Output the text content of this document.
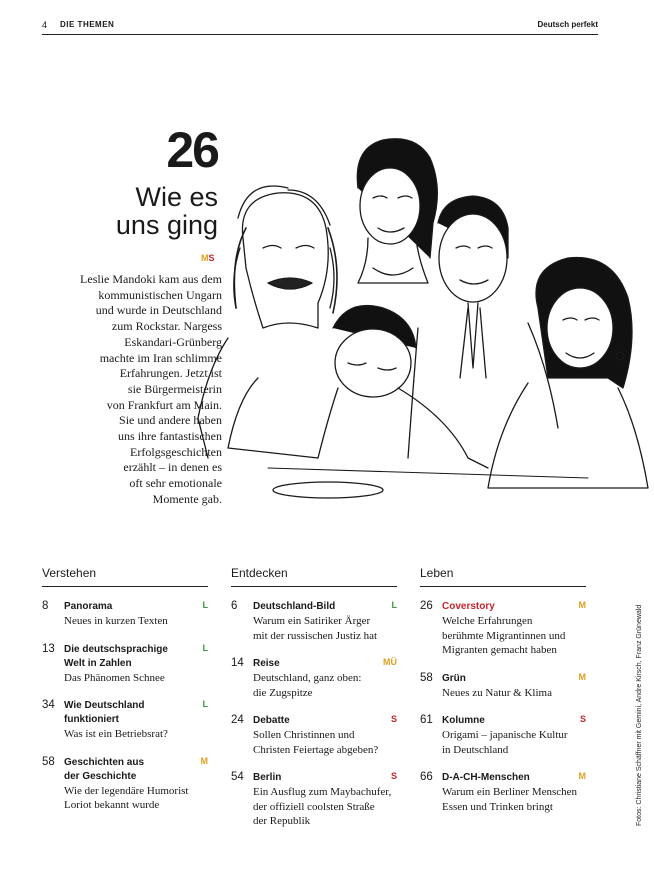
4 DIE THEMEN	Deutsch perfekt
26
Wie es
uns ging
MS
Leslie Mandoki kam aus dem
kommunistischen Ungarn
und wurde in Deutschland
zum Rockstar. Nargess
Eskandari-Grünberg
machte im Iran schlimme
Erfahrungen. Jetzt ist
sie Bürgermeisterin
von Frankfurt am Main.
Sie und andere haben
uns ihre fantastischen
Erfolgsgeschichten
erzählt – in denen es
oft sehr emotionale
Momente gab.
Verstehen
8	L
Panorama
Neues in kurzen Texten
13	L
Die deutschsprachige
Welt in Zahlen
Das Phänomen Schnee
34	L
Wie Deutschland
funktioniert
Was ist ein Betriebsrat?
58	M
Geschichten aus
der Geschichte
Wie der legendäre Humorist
Loriot bekannt wurde
Entdecken
6	L
Deutschland-Bild
Warum ein Satiriker Ärger
mit der russischen Justiz hat
14	MÜ
Reise
Deutschland, ganz oben:
die Zugspitze
24	S
Debatte
Sollen Christinnen und
Christen Feiertage abgeben?
54	S
Berlin
Ein Ausflug zum Maybachufer,
der offiziell coolsten Straße
der Republik
Leben
26	M
Coverstory
Welche Erfahrungen
berühmte Migrantinnen und
Migranten gemacht haben
58	M
Grün
Neues zu Natur & Klima
61	S
Kolumne
Origami – japanische Kultur
in Deutschland
66	M
D-A-CH-Menschen
Warum ein Berliner Menschen
Essen und Trinken bringt	Fotos: Christiane Schäffner mit Gemini, Andre Kirsch, Franz Grünewald
